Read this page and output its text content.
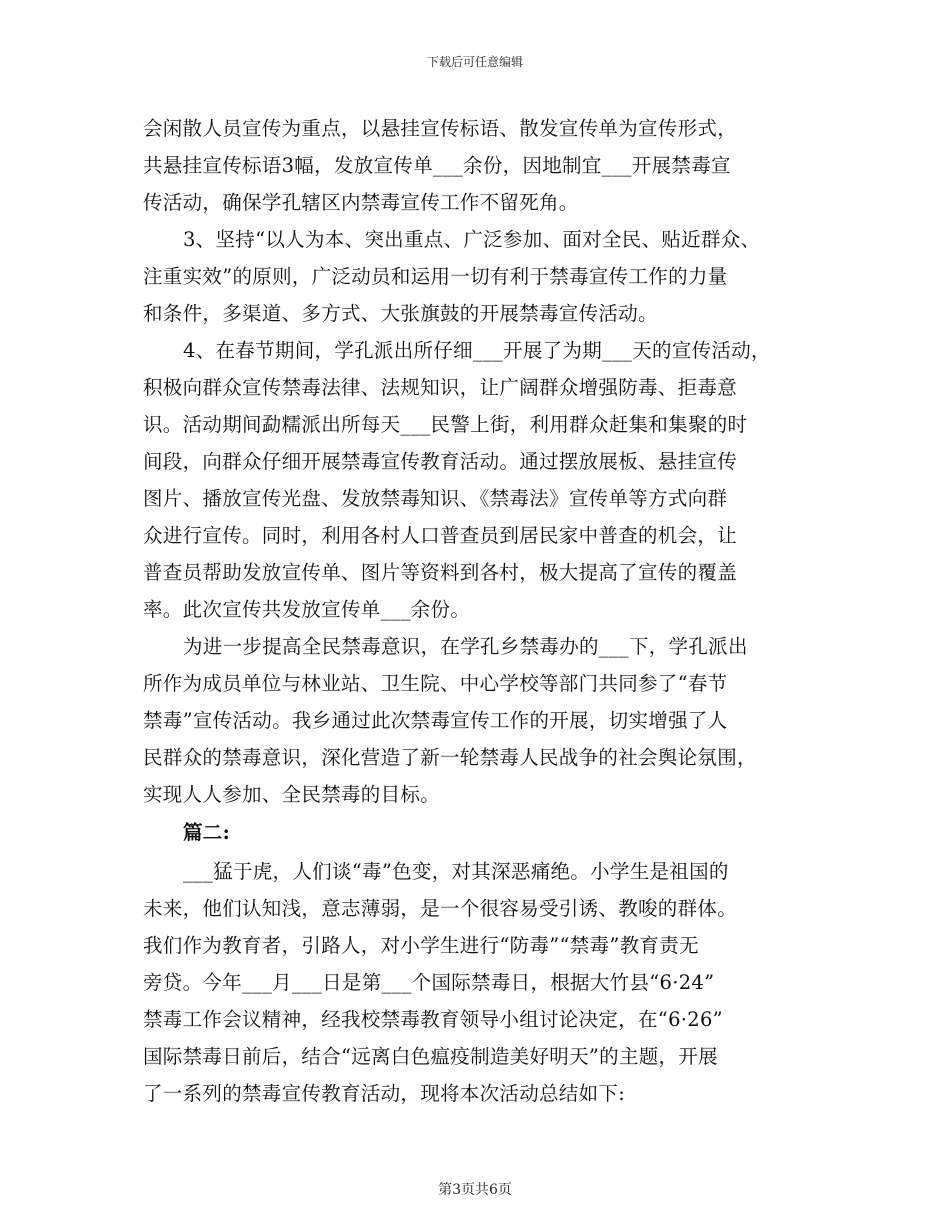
下载后可任意编辑
会闲散人员宣传为重点，以悬挂宣传标语、散发宣传单为宣传形式，
共悬挂宣传标语3幅，发放宣传单___余份，因地制宜___开展禁毒宣
传活动，确保学孔辖区内禁毒宣传工作不留死角。
3、坚持“以人为本、突出重点、广泛参加、面对全民、贴近群众、
注重实效”的原则，广泛动员和运用一切有利于禁毒宣传工作的力量
和条件，多渠道、多方式、大张旗鼓的开展禁毒宣传活动。
4、在春节期间，学孔派出所仔细___开展了为期___天的宣传活动，
积极向群众宣传禁毒法律、法规知识，让广阔群众增强防毒、拒毒意
识。活动期间勐糯派出所每天___民警上街，利用群众赶集和集聚的时
间段，向群众仔细开展禁毒宣传教育活动。通过摆放展板、悬挂宣传
图片、播放宣传光盘、发放禁毒知识、《禁毒法》宣传单等方式向群
众进行宣传。同时，利用各村人口普查员到居民家中普查的机会，让
普查员帮助发放宣传单、图片等资料到各村，极大提高了宣传的覆盖
率。此次宣传共发放宣传单___余份。
为进一步提高全民禁毒意识，在学孔乡禁毒办的___下，学孔派出
所作为成员单位与林业站、卫生院、中心学校等部门共同参了“春节
禁毒”宣传活动。我乡通过此次禁毒宣传工作的开展，切实增强了人
民群众的禁毒意识，深化营造了新一轮禁毒人民战争的社会舆论氛围，
实现人人参加、全民禁毒的目标。
篇二:
___猛于虎，人们谈“毒”色变，对其深恶痛绝。小学生是祖国的
未来，他们认知浅，意志薄弱，是一个很容易受引诱、教唆的群体。
我们作为教育者，引路人，对小学生进行“防毒”“禁毒”教育责无
旁贷。今年___月___日是第___个国际禁毒日，根据大竹县“6·24”
禁毒工作会议精神，经我校禁毒教育领导小组讨论决定，在“6·26”
国际禁毒日前后，结合“远离白色瘟疫制造美好明天”的主题，开展
了一系列的禁毒宣传教育活动，现将本次活动总结如下:
第3页共6页
